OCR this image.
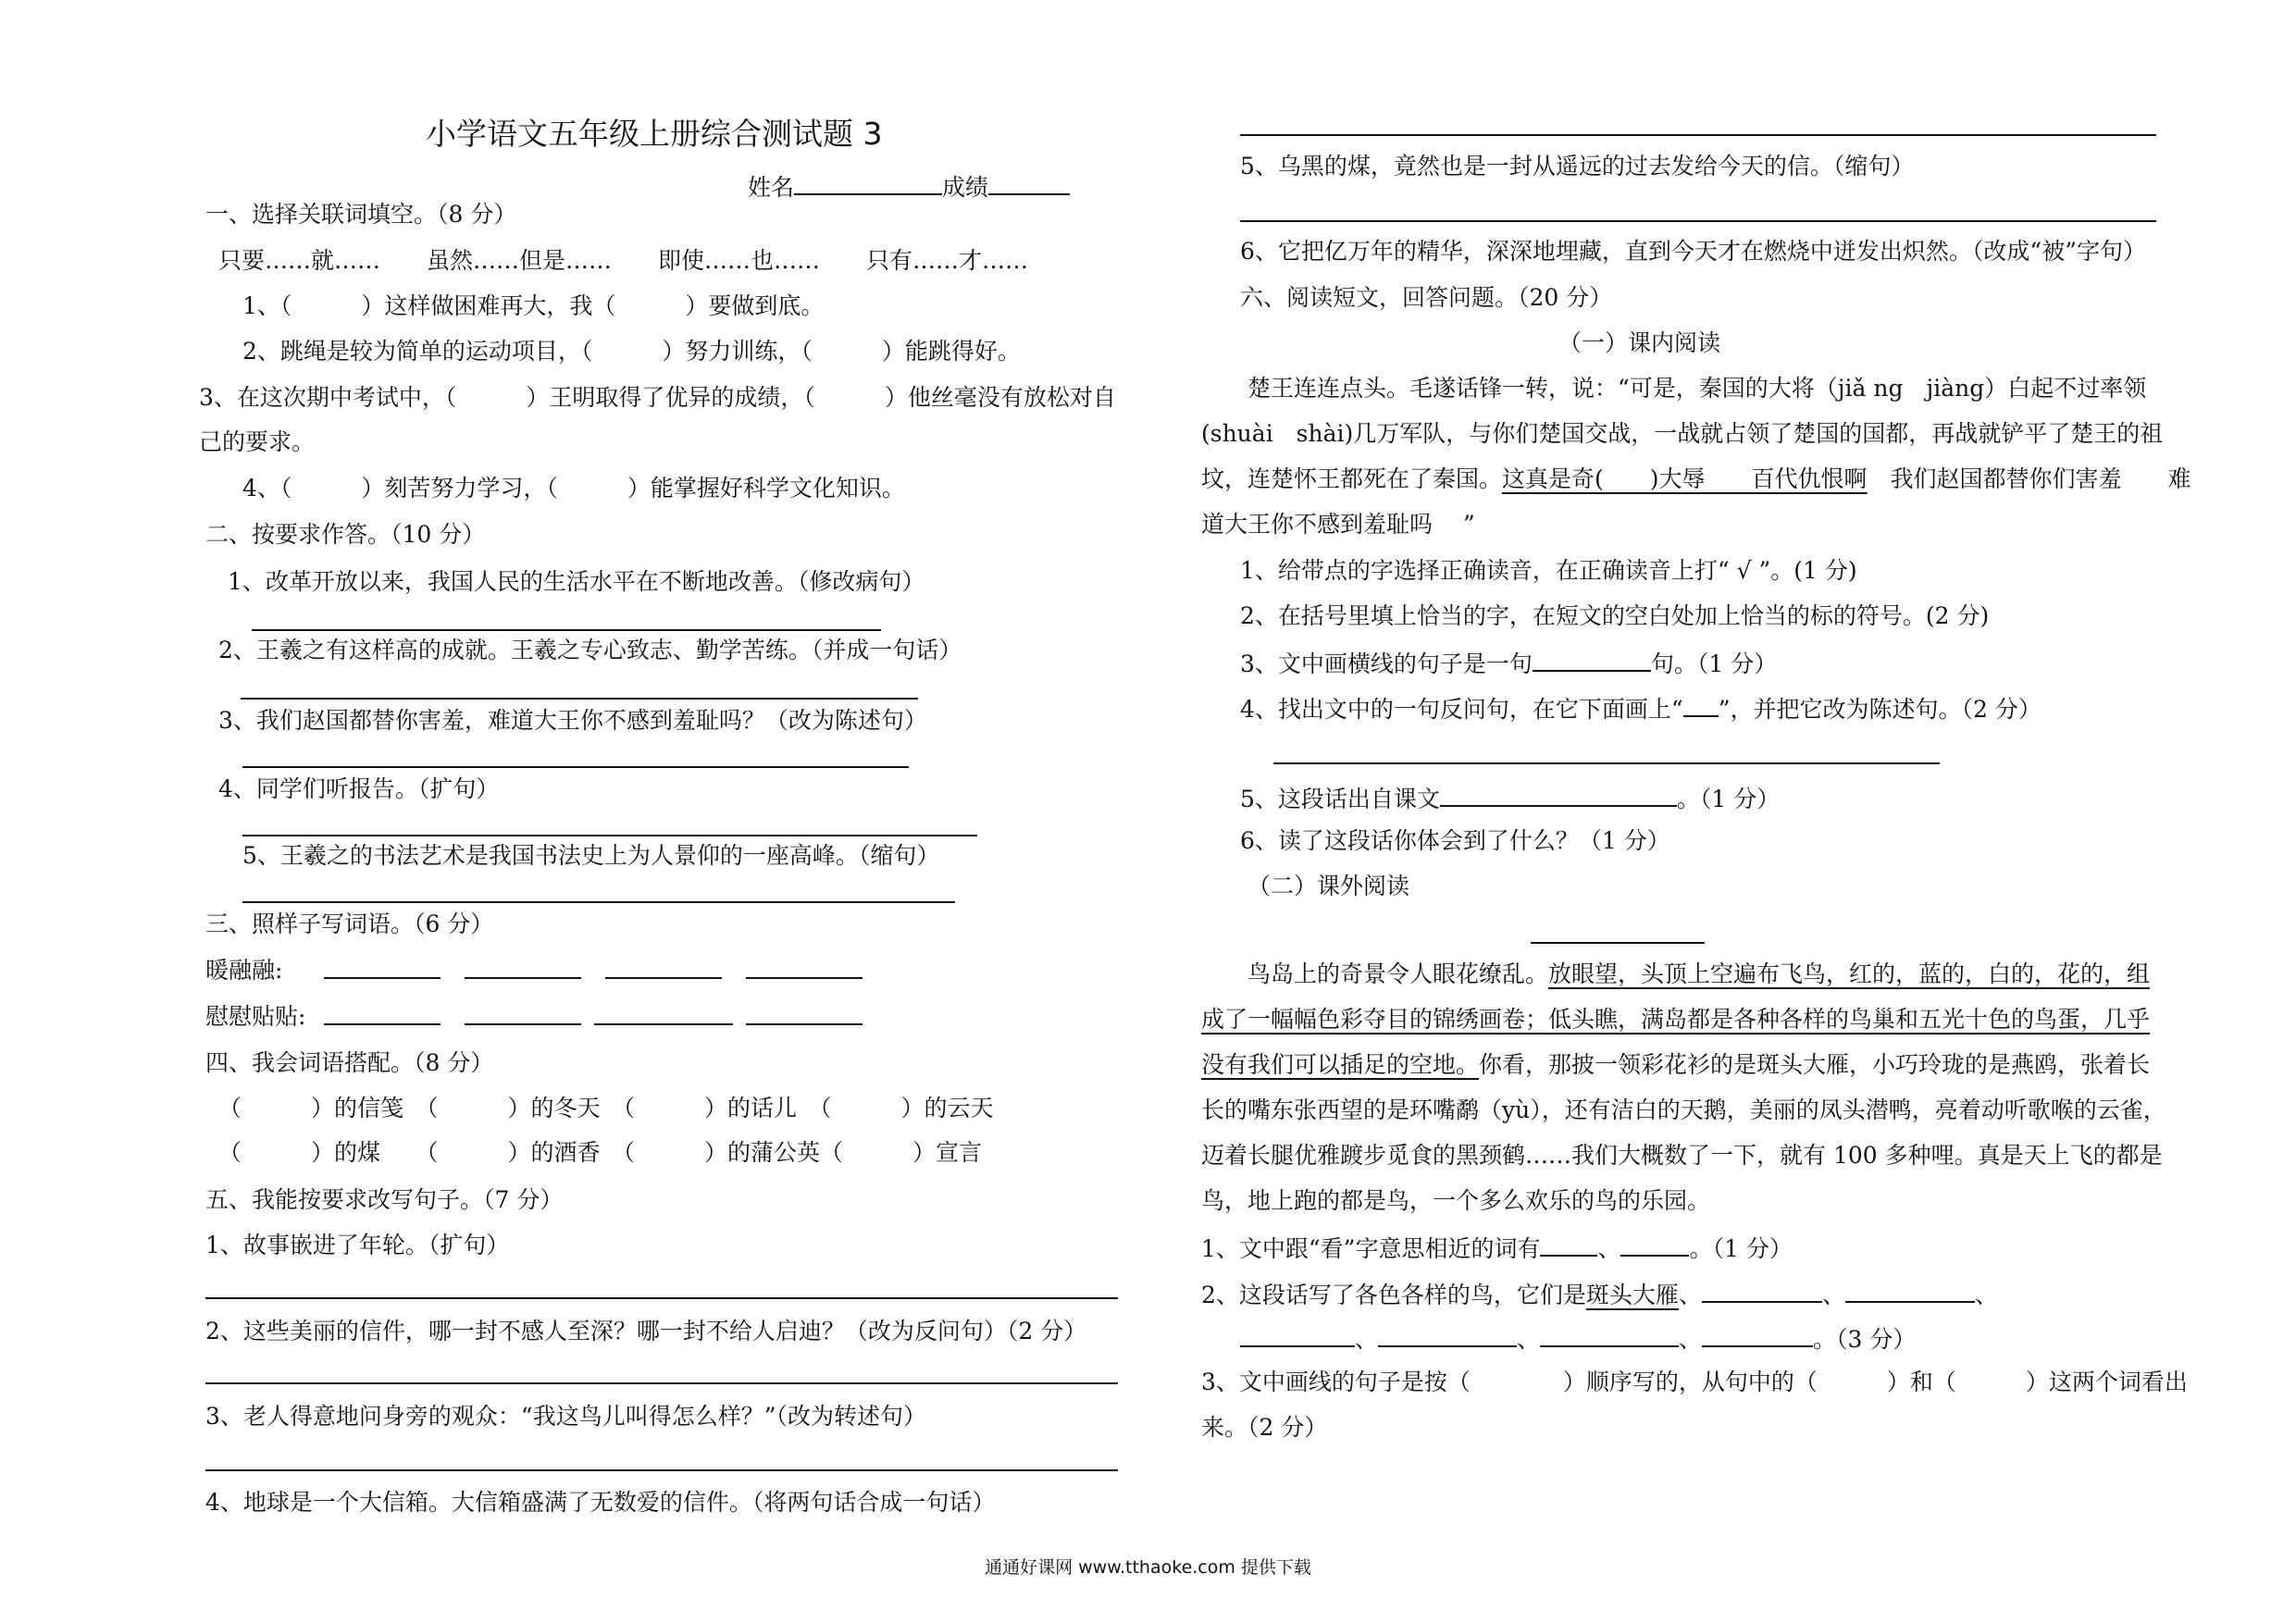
小学语文五年级上册综合测试题 3
姓名	成绩
一、选择关联词填空。（8 分）
只要……就……　　虽然……但是……　　即使……也……　　只有……才……
1、（　　　）这样做困难再大，我（　　　）要做到底。
2、跳绳是较为简单的运动项目，（　　　）努力训练，（　　　）能跳得好。
3、在这次期中考试中，（　　　）王明取得了优异的成绩，（　　　）他丝毫没有放松对自
己的要求。
4、（　　　）刻苦努力学习，（　　　）能掌握好科学文化知识。
二、按要求作答。（10 分）
1、改革开放以来，我国人民的生活水平在不断地改善。（修改病句）
2、王羲之有这样高的成就。王羲之专心致志、勤学苦练。（并成一句话）
3、我们赵国都替你害羞，难道大王你不感到羞耻吗？（改为陈述句）
4、同学们听报告。（扩句）
5、王羲之的书法艺术是我国书法史上为人景仰的一座高峰。（缩句）
三、照样子写词语。（6 分）
暖融融:
慰慰贴贴:
四、我会词语搭配。（8 分）
（　　　）的信笺　（　　　）的冬天　（　　　）的话儿　（　　　）的云天
（　　　）的煤　　（　　　）的酒香　（　　　）的蒲公英（　　　）宣言
五、我能按要求改写句子。（7 分）
1、故事嵌进了年轮。（扩句）
2、这些美丽的信件，哪一封不感人至深？哪一封不给人启迪？（改为反问句）（2 分）
3、老人得意地问身旁的观众：“我这鸟儿叫得怎么样？”（改为转述句）
4、地球是一个大信箱。大信箱盛满了无数爱的信件。（将两句话合成一句话）
5、乌黑的煤，竟然也是一封从遥远的过去发给今天的信。（缩句）
6、它把亿万年的精华，深深地埋藏，直到今天才在燃烧中迸发出炽然。（改成“被”字句）
六、阅读短文，回答问题。（20 分）
（一）课内阅读
楚王连连点头。毛遂话锋一转，说：“可是，秦国的大将（jiǎ ng　jiàng）白起不过率领
(shuài　shài)几万军队，与你们楚国交战，一战就占领了楚国的国都，再战就铲平了楚王的祖
坟，连楚怀王都死在了秦国。这真是奇(　　)大辱　　百代仇恨啊　我们赵国都替你们害羞　　难
道大王你不感到羞耻吗　 ”
1、给带点的字选择正确读音，在正确读音上打“ √ ”。(1 分)
2、在括号里填上恰当的字，在短文的空白处加上恰当的标的符号。(2 分)
3、文中画横线的句子是一句	句。（1 分）
4、找出文中的一句反问句，在它下面画上“ ”，并把它改为陈述句。（2 分）
5、这段话出自课文	。（1 分）
6、读了这段话你体会到了什么？（1 分）
（二）课外阅读
鸟岛上的奇景令人眼花缭乱。放眼望，头顶上空遍布飞鸟，红的，蓝的，白的，花的，组
成了一幅幅色彩夺目的锦绣画卷；低头瞧，满岛都是各种各样的鸟巢和五光十色的鸟蛋，几乎
没有我们可以插足的空地。你看，那披一领彩花衫的是斑头大雁，小巧玲珑的是燕鸥，张着长
长的嘴东张西望的是环嘴鹬（yù），还有洁白的天鹅，美丽的凤头潜鸭，亮着动听歌喉的云雀，
迈着长腿优雅踱步觅食的黑颈鹤……我们大概数了一下，就有 100 多种哩。真是天上飞的都是
鸟，地上跑的都是鸟，一个多么欢乐的鸟的乐园。
1、文中跟“看”字意思相近的词有 、	。（1 分）
2、这段话写了各色各样的鸟，它们是斑头大雁、	、	、
、	、	、	。（3 分）
3、文中画线的句子是按（　　　　）顺序写的，从句中的（　　　）和（　　　）这两个词看出
来。（2 分）
通通好课网 www.tthaoke.com 提供下载
